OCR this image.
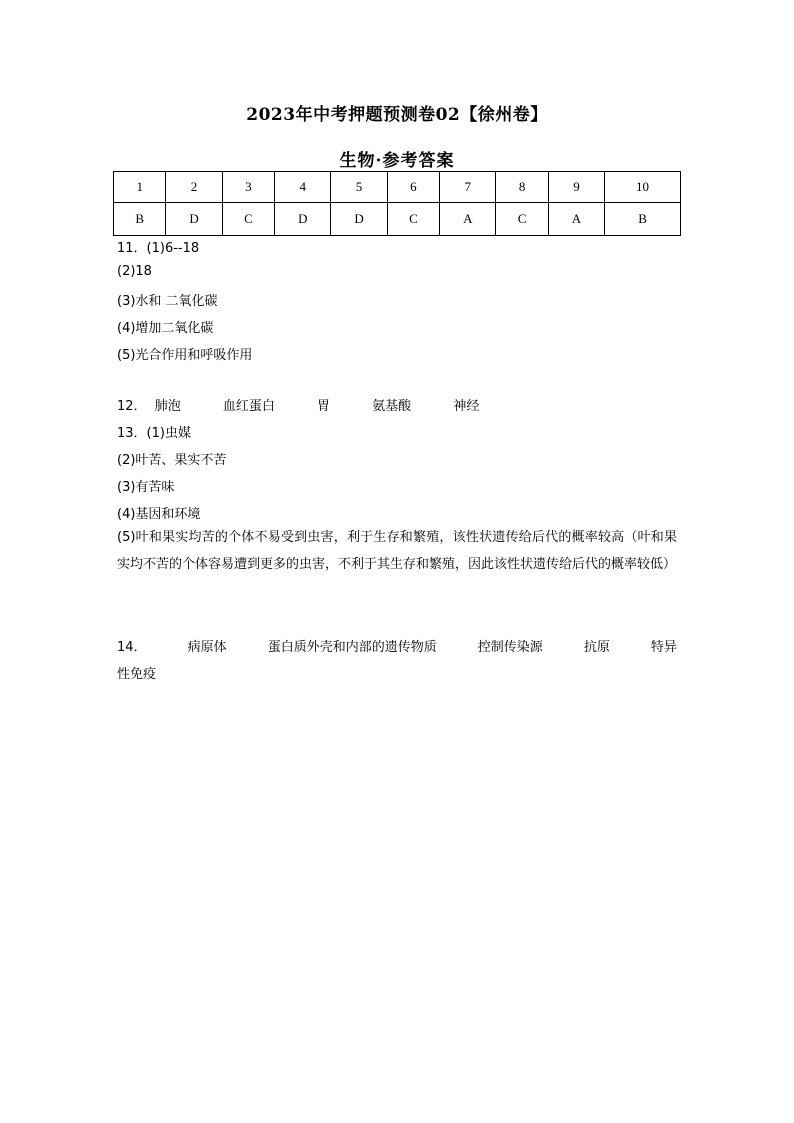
2023年中考押题预测卷02【徐州卷】
生物·参考答案
1	2	3	4	5	6	7	8	9	10
B	D	C	D	D	C	A	C	A	B
11．(1)6--18
(2)18
(3)水和 二氧化碳
(4)增加二氧化碳
(5)光合作用和呼吸作用
12． 肺泡	血红蛋白	胃	氨基酸	神经
13．(1)虫媒
(2)叶苦、果实不苦
(3)有苦味
(4)基因和环境
(5)叶和果实均苦的个体不易受到虫害，利于生存和繁殖，该性状遗传给后代的概率较高（叶和果实均不苦的个体容易遭到更多的虫害，不利于其生存和繁殖，因此该性状遗传给后代的概率较低）
14．	病原体	蛋白质外壳和内部的遗传物质	控制传染源	抗原	特异
性免疫
